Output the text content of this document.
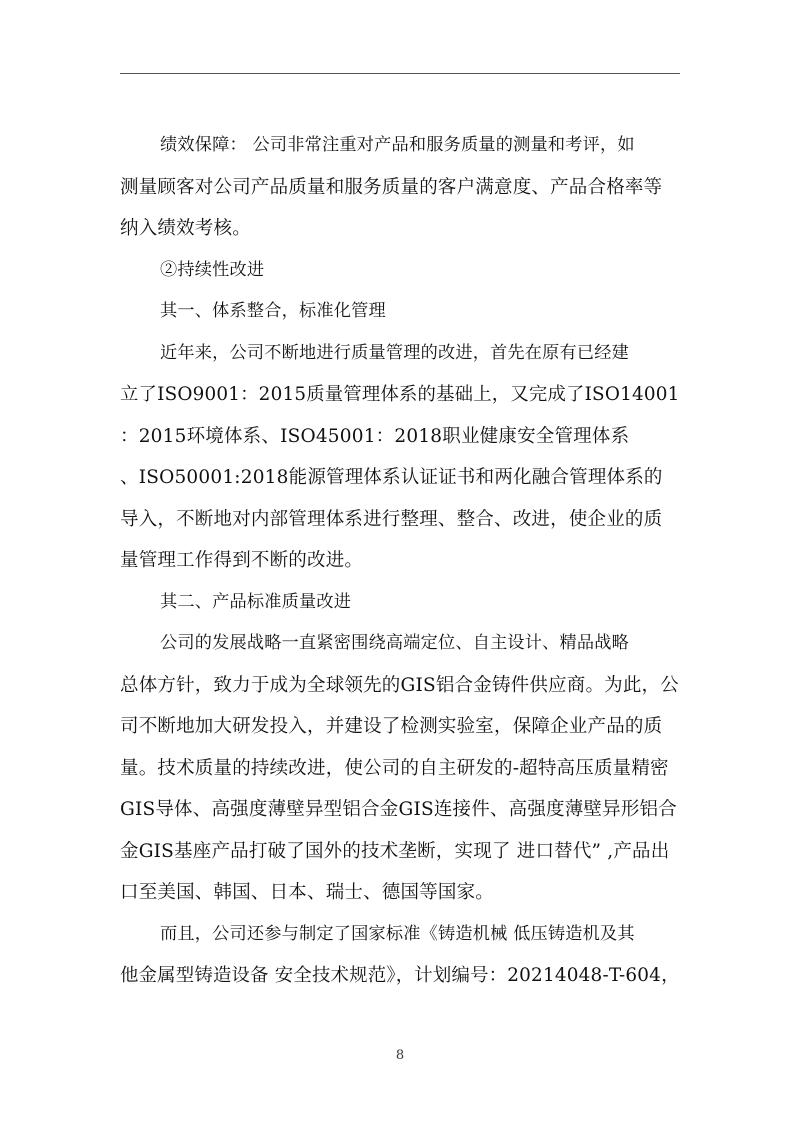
绩效保障： 公司非常注重对产品和服务质量的测量和考评，如
测量顾客对公司产品质量和服务质量的客户满意度、产品合格率等
纳入绩效考核。
②持续性改进
其一、体系整合，标准化管理
近年来，公司不断地进行质量管理的改进，首先在原有已经建
立了ISO9001：2015质量管理体系的基础上，又完成了ISO14001
：2015环境体系、ISO45001：2018职业健康安全管理体系
、ISO50001:2018能源管理体系认证证书和两化融合管理体系的
导入，不断地对内部管理体系进行整理、整合、改进，使企业的质
量管理工作得到不断的改进。
其二、产品标准质量改进
公司的发展战略一直紧密围绕高端定位、自主设计、精品战略
总体方针，致力于成为全球领先的GIS铝合金铸件供应商。为此，公
司不断地加大研发投入，并建设了检测实验室，保障企业产品的质
量。技术质量的持续改进，使公司的自主研发的-超特高压质量精密
GIS导体、高强度薄壁异型铝合金GIS连接件、高强度薄壁异形铝合
金GIS基座产品打破了国外的技术垄断，实现了 进口替代” ,产品出
口至美国、韩国、日本、瑞士、德国等国家。
而且，公司还参与制定了国家标准《铸造机械 低压铸造机及其
他金属型铸造设备 安全技术规范》，计划编号：20214048-T-604，
8
